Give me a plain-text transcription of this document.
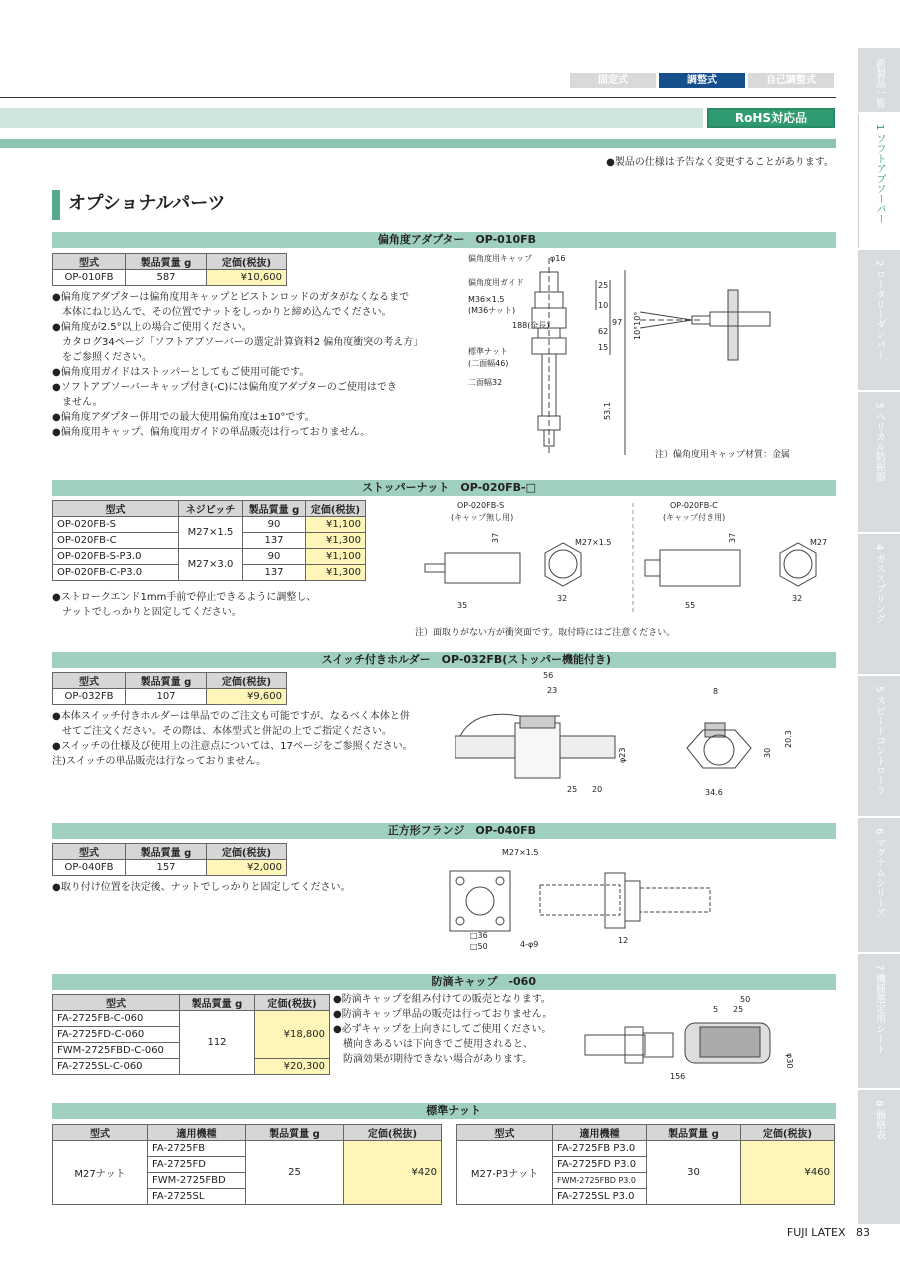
固定式	調整式	自己調整式
RoHS対応品
●製品の仕様は予告なく変更することがあります。
オプショナルパーツ
新製品一覧
1 ソフトアブソーバー
2 ロータリーダンパー
3 ヘリカル防振器
4 ガススプリング
5 スピードコントローラ
6 マグナムシリーズ
7 機種選定用シート
8 価格表
偏角度アダプター　OP-010FB
型式	製品質量 g	定価(税抜)
OP-010FB	587	¥10,600
●偏角度アダプターは偏角度用キャップとピストンロッドのガタがなくなるまで
　本体にねじ込んで、その位置でナットをしっかりと締め込んでください。
●偏角度が2.5°以上の場合ご使用ください。
　カタログ34ページ「ソフトアブソーバーの選定計算資料2 偏角度衝突の考え方」
　をご参照ください。
●偏角度用ガイドはストッパーとしてもご使用可能です。
●ソフトアブソーバーキャップ付き(-C)には偏角度アダプターのご使用はでき
　ません。
●偏角度アダプター併用での最大使用偏角度は±10°です。
●偏角度用キャップ、偏角度用ガイドの単品販売は行っておりません。
偏角度用キャップ φ16
偏角度用ガイド
M36×1.5
(M36ナット)
188(全長)
標準ナット
(二面幅46)
二面幅32
25
10
97
62
15
53.1
10°10°
注）偏角度用キャップ材質：金属
ストッパーナット　OP-020FB-□
型式	ネジピッチ	製品質量 g	定価(税抜)
OP-020FB-S	M27×1.5	90	¥1,100
OP-020FB-C		137	¥1,300
OP-020FB-S-P3.0	M27×3.0	90	¥1,100
OP-020FB-C-P3.0		137	¥1,300
●ストロークエンド1mm手前で停止できるように調整し、
　ナットでしっかりと固定してください。
OP-020FB-S
(キャップ無し用)
OP-020FB-C
(キャップ付き用)
37	M27×1.5
35
32
37	M27
55
32
注）面取りがない方が衝突面です。取付時にはご注意ください。
スイッチ付きホルダー　OP-032FB(ストッパー機能付き)
型式	製品質量 g	定価(税抜)
OP-032FB	107	¥9,600
●本体スイッチ付きホルダーは単品でのご注文も可能ですが、なるべく本体と併
　せてご注文ください。その際は、本体型式と併記の上でご指定ください。
●スイッチの仕様及び使用上の注意点については、17ページをご参照ください。
注)スイッチの単品販売は行なっておりません。
56
23
φ23
25 20
8
20.3
30
34.6
正方形フランジ　OP-040FB
型式	製品質量 g	定価(税抜)
OP-040FB	157	¥2,000
●取り付け位置を決定後、ナットでしっかりと固定してください。
M27×1.5
□36
□50	4-φ9	12
防滴キャップ　-060
型式	製品質量 g	定価(税抜)
FA-2725FB-C-060	112	¥18,800
FA-2725FD-C-060		
FWM-2725FBD-C-060		
FA-2725SL-C-060		¥20,300
●防滴キャップを組み付けての販売となります。
●防滴キャップ単品の販売は行っておりません。
●必ずキャップを上向きにしてご使用ください。
　横向きあるいは下向きでご使用されると、
　防滴効果が期待できない場合があります。
50
5 25
φ30
156
標準ナット
型式	適用機種	製品質量 g	定価(税抜)
M27ナット	FA-2725FB	25	¥420
	FA-2725FD		
	FWM-2725FBD		
	FA-2725SL		
型式	適用機種	製品質量 g	定価(税抜)
M27-P3ナット	FA-2725FB P3.0	30	¥460
	FA-2725FD P3.0		
	FWM-2725FBD P3.0		
	FA-2725SL P3.0		
FUJI LATEX 83
